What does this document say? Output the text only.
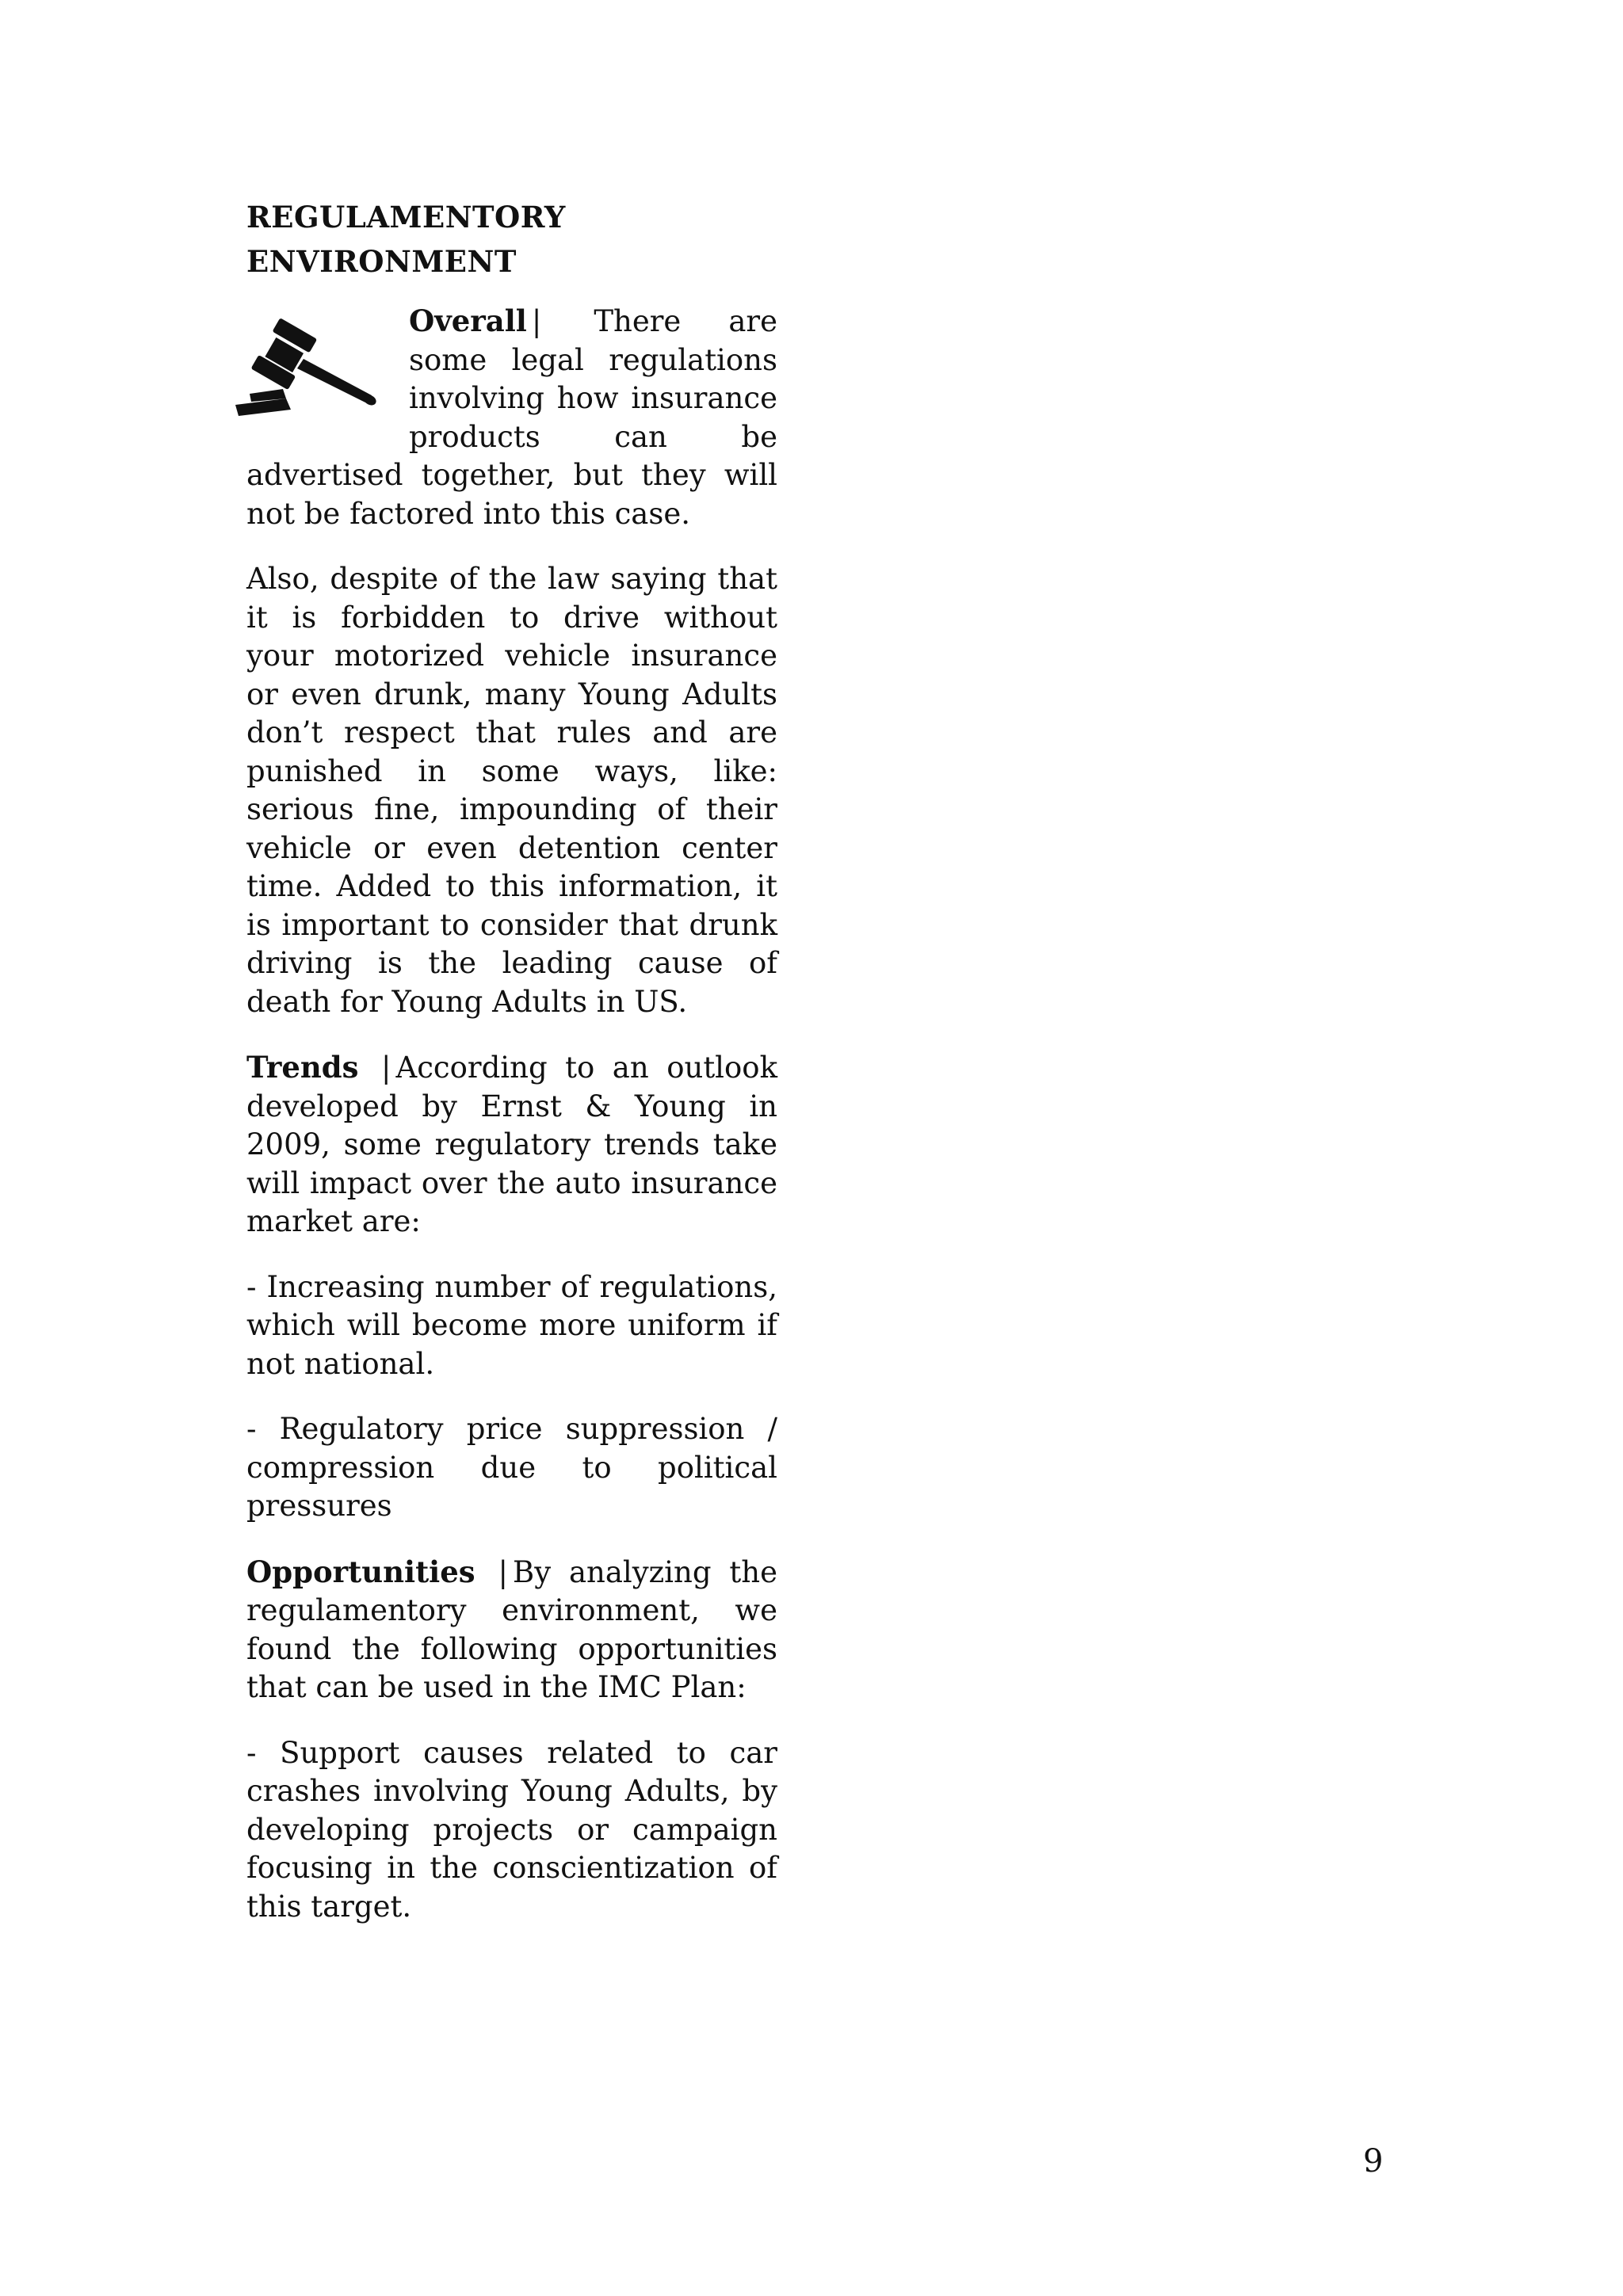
REGULAMENTORY ENVIRONMENT

Overall | There are some legal regulations involving how insurance products can be advertised together, but they will not be factored into this case.

Also, despite of the law saying that it is forbidden to drive without your motorized vehicle insurance or even drunk, many Young Adults don’t respect that rules and are punished in some ways, like: serious fine, impounding of their vehicle or even detention center time. Added to this information, it is important to consider that drunk driving is the leading cause of death for Young Adults in US.

Trends | According to an outlook developed by Ernst & Young in 2009, some regulatory trends take will impact over the auto insurance market are:

- Increasing number of regulations, which will become more uniform if not national.

- Regulatory price suppression / compression due to political pressures

Opportunities | By analyzing the regulamentory environment, we found the following opportunities that can be used in the IMC Plan:

- Support causes related to car crashes involving Young Adults, by developing projects or campaign focusing in the conscientization of this target.

9
